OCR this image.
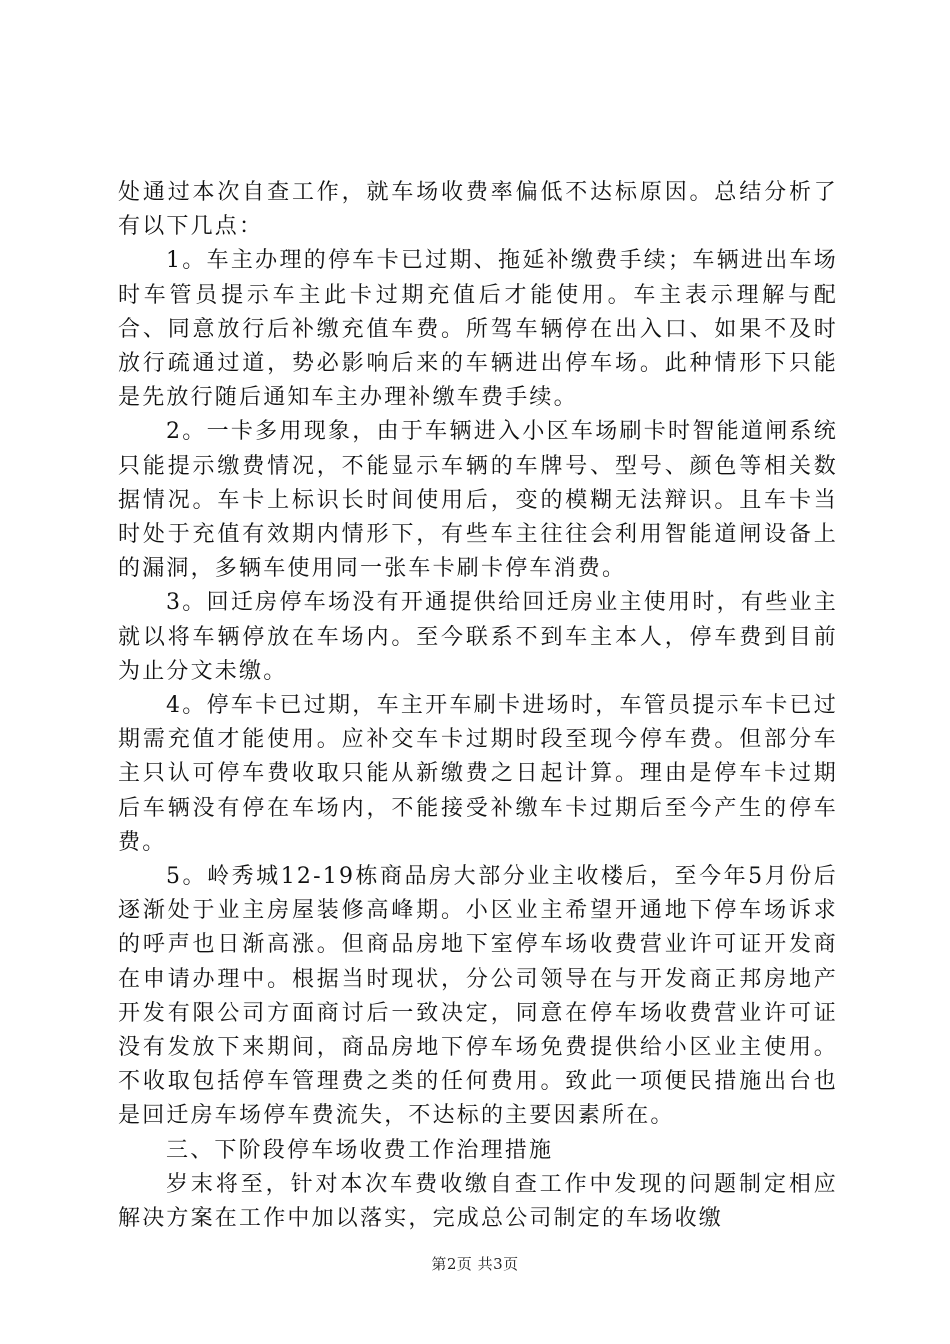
处通过本次自查工作，就车场收费率偏低不达标原因。总结分析了有以下几点：

1。车主办理的停车卡已过期、拖延补缴费手续；车辆进出车场时车管员提示车主此卡过期充值后才能使用。车主表示理解与配合、同意放行后补缴充值车费。所驾车辆停在出入口、如果不及时放行疏通过道，势必影响后来的车辆进出停车场。此种情形下只能是先放行随后通知车主办理补缴车费手续。

2。一卡多用现象，由于车辆进入小区车场刷卡时智能道闸系统只能提示缴费情况，不能显示车辆的车牌号、型号、颜色等相关数据情况。车卡上标识长时间使用后，变的模糊无法辩识。且车卡当时处于充值有效期内情形下，有些车主往往会利用智能道闸设备上的漏洞，多辆车使用同一张车卡刷卡停车消费。

3。回迁房停车场没有开通提供给回迁房业主使用时，有些业主就以将车辆停放在车场内。至今联系不到车主本人，停车费到目前为止分文未缴。

4。停车卡已过期，车主开车刷卡进场时，车管员提示车卡已过期需充值才能使用。应补交车卡过期时段至现今停车费。但部分车主只认可停车费收取只能从新缴费之日起计算。理由是停车卡过期后车辆没有停在车场内，不能接受补缴车卡过期后至今产生的停车费。

5。岭秀城12-19栋商品房大部分业主收楼后，至今年5月份后逐渐处于业主房屋装修高峰期。小区业主希望开通地下停车场诉求的呼声也日渐高涨。但商品房地下室停车场收费营业许可证开发商在申请办理中。根据当时现状，分公司领导在与开发商正邦房地产开发有限公司方面商讨后一致决定，同意在停车场收费营业许可证没有发放下来期间，商品房地下停车场免费提供给小区业主使用。不收取包括停车管理费之类的任何费用。致此一项便民措施出台也是回迁房车场停车费流失，不达标的主要因素所在。

三、下阶段停车场收费工作治理措施

岁末将至，针对本次车费收缴自查工作中发现的问题制定相应解决方案在工作中加以落实，完成总公司制定的车场收缴

第2页 共3页
